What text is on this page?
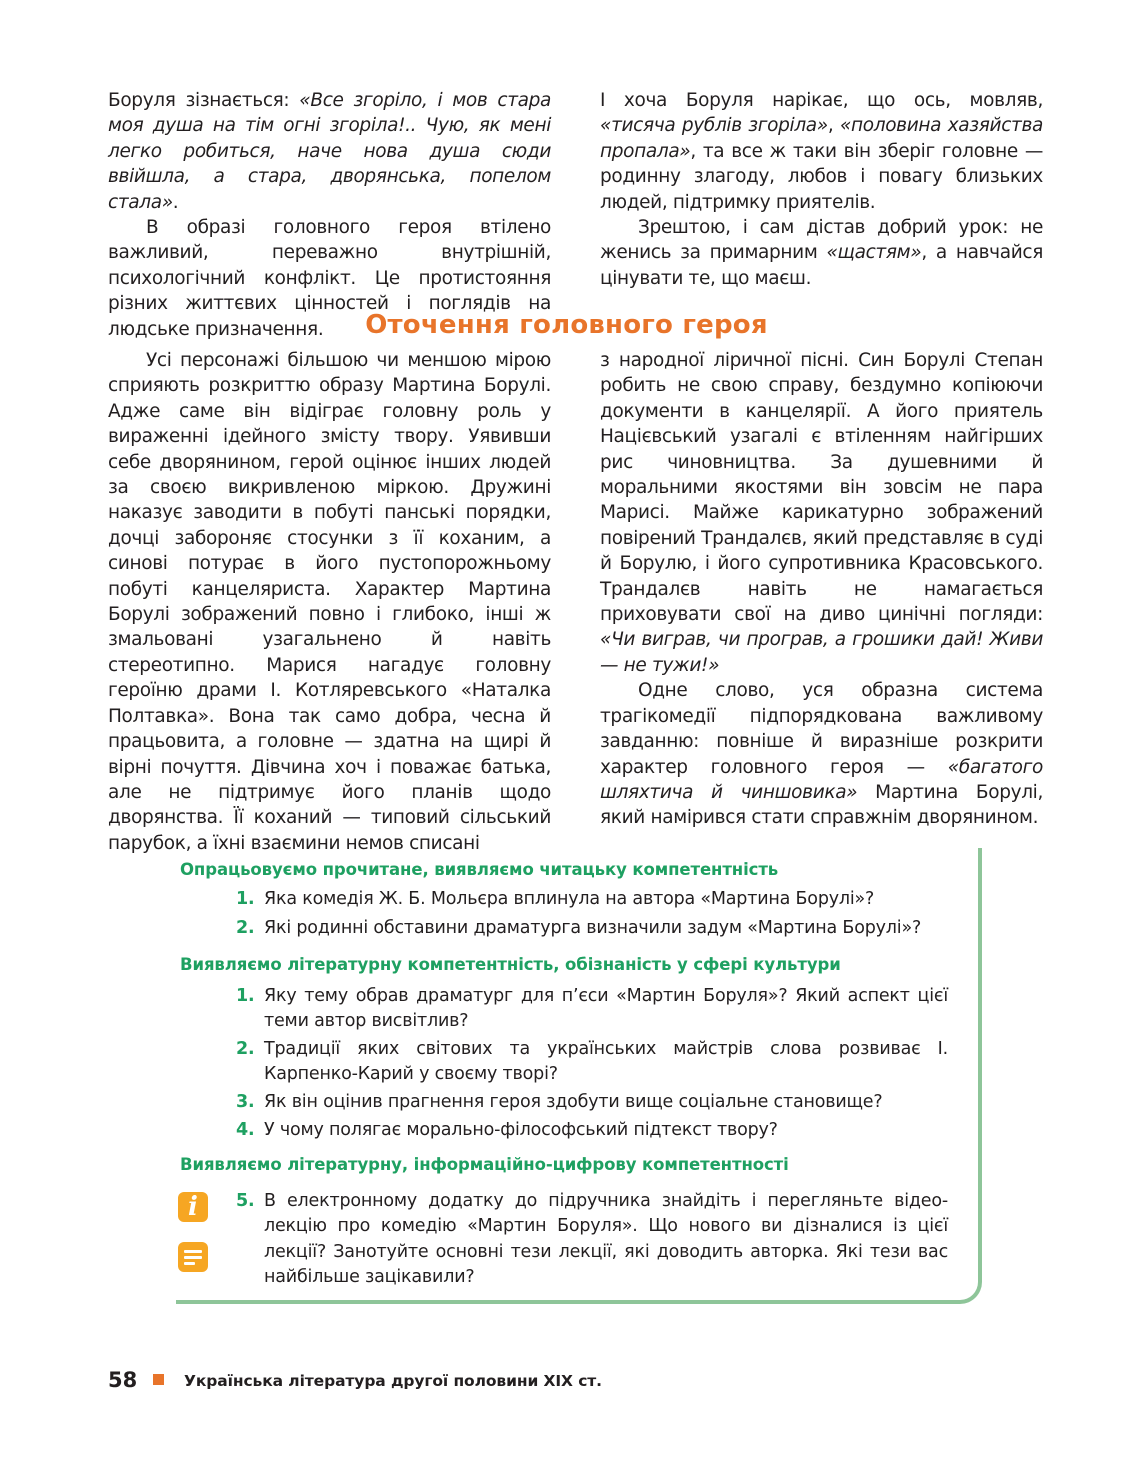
Боруля зізнається: «Все згоріло, і мов стара моя душа на тім огні згоріла!.. Чую, як мені легко робиться, наче нова душа сюди ввійшла, а стара, дворянська, попелом стала».

В образі головного героя втілено важливий, переважно внутрішній, психологічний конфлікт. Це протистояння різних життєвих цінностей і поглядів на людське призначення.

І хоча Боруля нарікає, що ось, мовляв, «тисяча рублів згоріла», «половина хазяйства пропала», та все ж таки він зберіг головне — родинну злагоду, любов і повагу близьких людей, підтримку приятелів.

Зрештою, і сам дістав добрий урок: не женись за примарним «щастям», а навчайся цінувати те, що маєш.

Оточення головного героя

Усі персонажі більшою чи меншою мірою сприяють розкриттю образу Мартина Борулі. Адже саме він відіграє головну роль у вираженні ідейного змісту твору. Уявивши себе дворянином, герой оцінює інших людей за своєю викривленою міркою. Дружині наказує заводити в побуті панські порядки, дочці забороняє стосунки з її коханим, а синові потурає в його пустопорожньому побуті канцеляриста. Характер Мартина Борулі зображений повно і глибоко, інші ж змальовані узагальнено й навіть стереотипно. Марися нагадує головну героїню драми І. Котляревського «Наталка Полтавка». Вона так само добра, чесна й працьовита, а головне — здатна на щирі й вірні почуття. Дівчина хоч і поважає батька, але не підтримує його планів щодо дворянства. Її коханий — типовий сільський парубок, а їхні взаємини немов списані

з народної ліричної пісні. Син Борулі Степан робить не свою справу, бездумно копіюючи документи в канцелярії. А його приятель Націєвський узагалі є втіленням найгірших рис чиновництва. За душевними й моральними якостями він зовсім не пара Марисі. Майже карикатурно зображений повірений Трандалєв, який представляє в суді й Борулю, і його супротивника Красовського. Трандалєв навіть не намагається приховувати свої на диво цинічні погляди: «Чи виграв, чи програв, а грошики дай! Живи — не тужи!»

Одне слово, уся образна система трагікомедії підпорядкована важливому завданню: повніше й виразніше розкрити характер головного героя — «багатого шляхтича й чиншовика» Мартина Борулі, який намірився стати справжнім дворянином.

Опрацьовуємо прочитане, виявляємо читацьку компетентність
1. Яка комедія Ж. Б. Мольєра вплинула на автора «Мартина Борулі»?
2. Які родинні обставини драматурга визначили задум «Мартина Борулі»?
Виявляємо літературну компетентність, обізнаність у сфері культури
1. Яку тему обрав драматург для п’єси «Мартин Боруля»? Який аспект цієї теми автор висвітлив?
2. Традиції яких світових та українських майстрів слова розвиває І. Карпенко-Карий у своєму творі?
3. Як він оцінив прагнення героя здобути вище соціальне становище?
4. У чому полягає морально-філософський підтекст твору?
Виявляємо літературну, інформаційно-цифрову компетентності
5. В електронному додатку до підручника знайдіть і перегляньте відео-лекцію про комедію «Мартин Боруля». Що нового ви дізналися із цієї лекції? Занотуйте основні тези лекції, які доводить авторка. Які тези вас найбільше зацікавили?
i
58	Українська література другої половини ХІХ ст.
